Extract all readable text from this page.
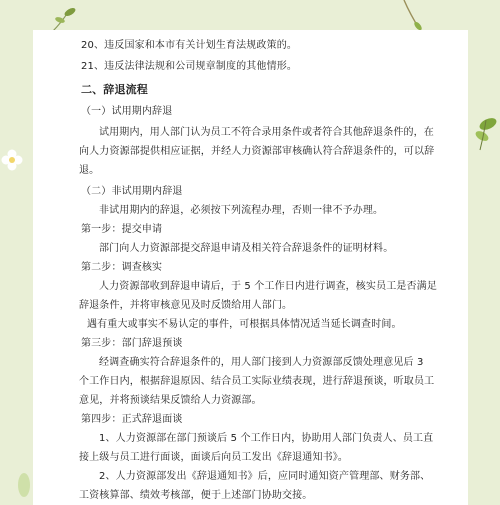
20、违反国家和本市有关计划生育法规政策的。
21、违反法律法规和公司规章制度的其他情形。
二、辞退流程
（一）试用期内辞退
试用期内，用人部门认为员工不符合录用条件或者符合其他辞退条件的，在
向人力资源部提供相应证据，并经人力资源部审核确认符合辞退条件的，可以辞
退。
（二）非试用期内辞退
非试用期内的辞退，必须按下列流程办理，否则一律不予办理。
第一步：提交申请
部门向人力资源部提交辞退申请及相关符合辞退条件的证明材料。
第二步：调查核实
人力资源部收到辞退申请后，于 5 个工作日内进行调查，核实员工是否满足
辞退条件，并将审核意见及时反馈给用人部门。
遇有重大或事实不易认定的事件，可根据具体情况适当延长调查时间。
第三步：部门辞退预谈
经调查确实符合辞退条件的，用人部门接到人力资源部反馈处理意见后 3
个工作日内，根据辞退原因、结合员工实际业绩表现，进行辞退预谈，听取员工
意见，并将预谈结果反馈给人力资源部。
第四步：正式辞退面谈
1、人力资源部在部门预谈后 5 个工作日内，协助用人部门负责人、员工直
接上级与员工进行面谈，面谈后向员工发出《辞退通知书》。
2、人力资源部发出《辞退通知书》后，应同时通知资产管理部、财务部、
工资核算部、绩效考核部，便于上述部门协助交接。
